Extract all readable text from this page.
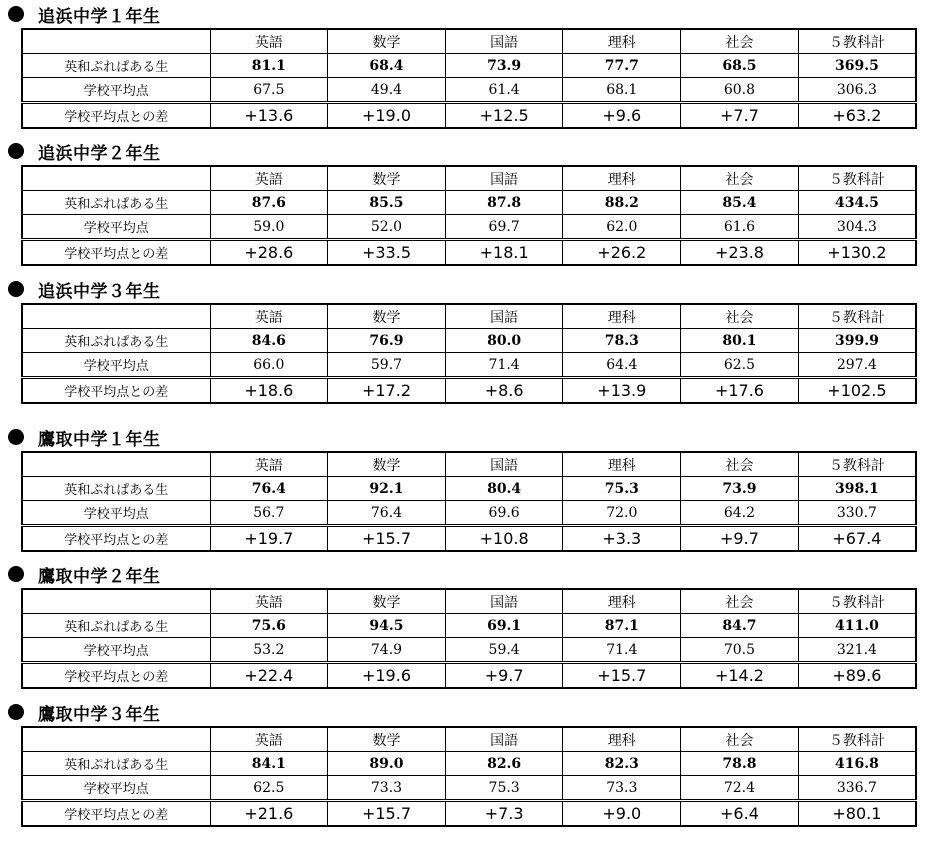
追浜中学１年生
	英語	数学	国語	理科	社会	５教科計
英和ぷれぱある生	81.1	68.4	73.9	77.7	68.5	369.5
学校平均点	67.5	49.4	61.4	68.1	60.8	306.3
学校平均点との差	+13.6	+19.0	+12.5	+9.6	+7.7	+63.2
追浜中学２年生
	英語	数学	国語	理科	社会	５教科計
英和ぷれぱある生	87.6	85.5	87.8	88.2	85.4	434.5
学校平均点	59.0	52.0	69.7	62.0	61.6	304.3
学校平均点との差	+28.6	+33.5	+18.1	+26.2	+23.8	+130.2
追浜中学３年生
	英語	数学	国語	理科	社会	５教科計
英和ぷれぱある生	84.6	76.9	80.0	78.3	80.1	399.9
学校平均点	66.0	59.7	71.4	64.4	62.5	297.4
学校平均点との差	+18.6	+17.2	+8.6	+13.9	+17.6	+102.5
鷹取中学１年生
	英語	数学	国語	理科	社会	５教科計
英和ぷれぱある生	76.4	92.1	80.4	75.3	73.9	398.1
学校平均点	56.7	76.4	69.6	72.0	64.2	330.7
学校平均点との差	+19.7	+15.7	+10.8	+3.3	+9.7	+67.4
鷹取中学２年生
	英語	数学	国語	理科	社会	５教科計
英和ぷれぱある生	75.6	94.5	69.1	87.1	84.7	411.0
学校平均点	53.2	74.9	59.4	71.4	70.5	321.4
学校平均点との差	+22.4	+19.6	+9.7	+15.7	+14.2	+89.6
鷹取中学３年生
	英語	数学	国語	理科	社会	５教科計
英和ぷれぱある生	84.1	89.0	82.6	82.3	78.8	416.8
学校平均点	62.5	73.3	75.3	73.3	72.4	336.7
学校平均点との差	+21.6	+15.7	+7.3	+9.0	+6.4	+80.1
